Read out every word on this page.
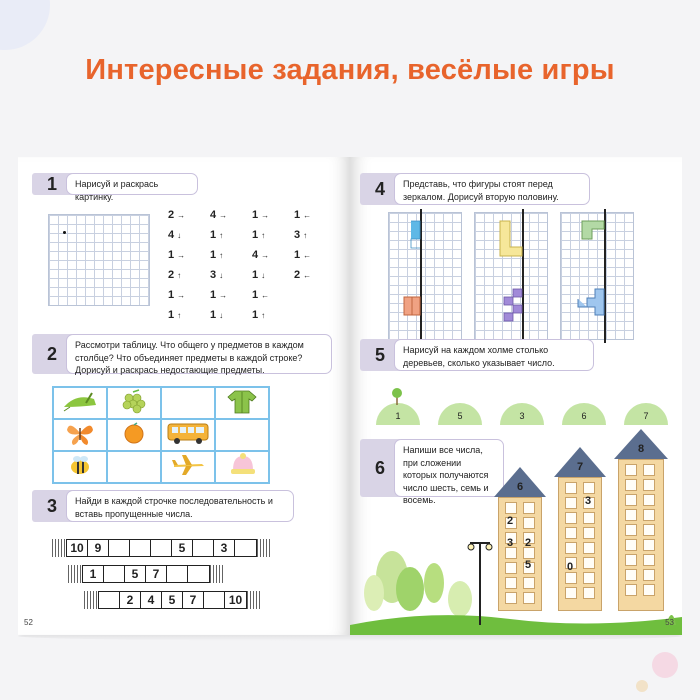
Интересные задания, весёлые игры
1	Нарисуй и раскрась картинку.
2 →	4 →	1 →	1 ←
4 ↓	1 ↑	1 ↑	3 ↑
1 →	1 ↑	4 →	1 ←
2 ↑	3 ↓	1 ↓	2 ←
1 →	1 →	1 ←
1 ↑	1 ↓	1 ↑
2	Рассмотри таблицу. Что общего у предметов в каждом столбце? Что объединяет предметы в каждой строке? Дорисуй и раскрась недостающие предметы.
3	Найди в каждой строчке последовательность и вставь пропущенные числа.
10 9	5	3
1	5	7
2	4	5	7	10
52
4	Представь, что фигуры стоят перед зеркалом. Дорисуй вторую половину.
5	Нарисуй на каждом холме столько деревьев, сколько указывает число.
1	5	3	6	7
6
Напиши все числа, при сложении которых получаются число шесть, семь и восемь.
6
2
3	2
5
7
3
0
8
53
